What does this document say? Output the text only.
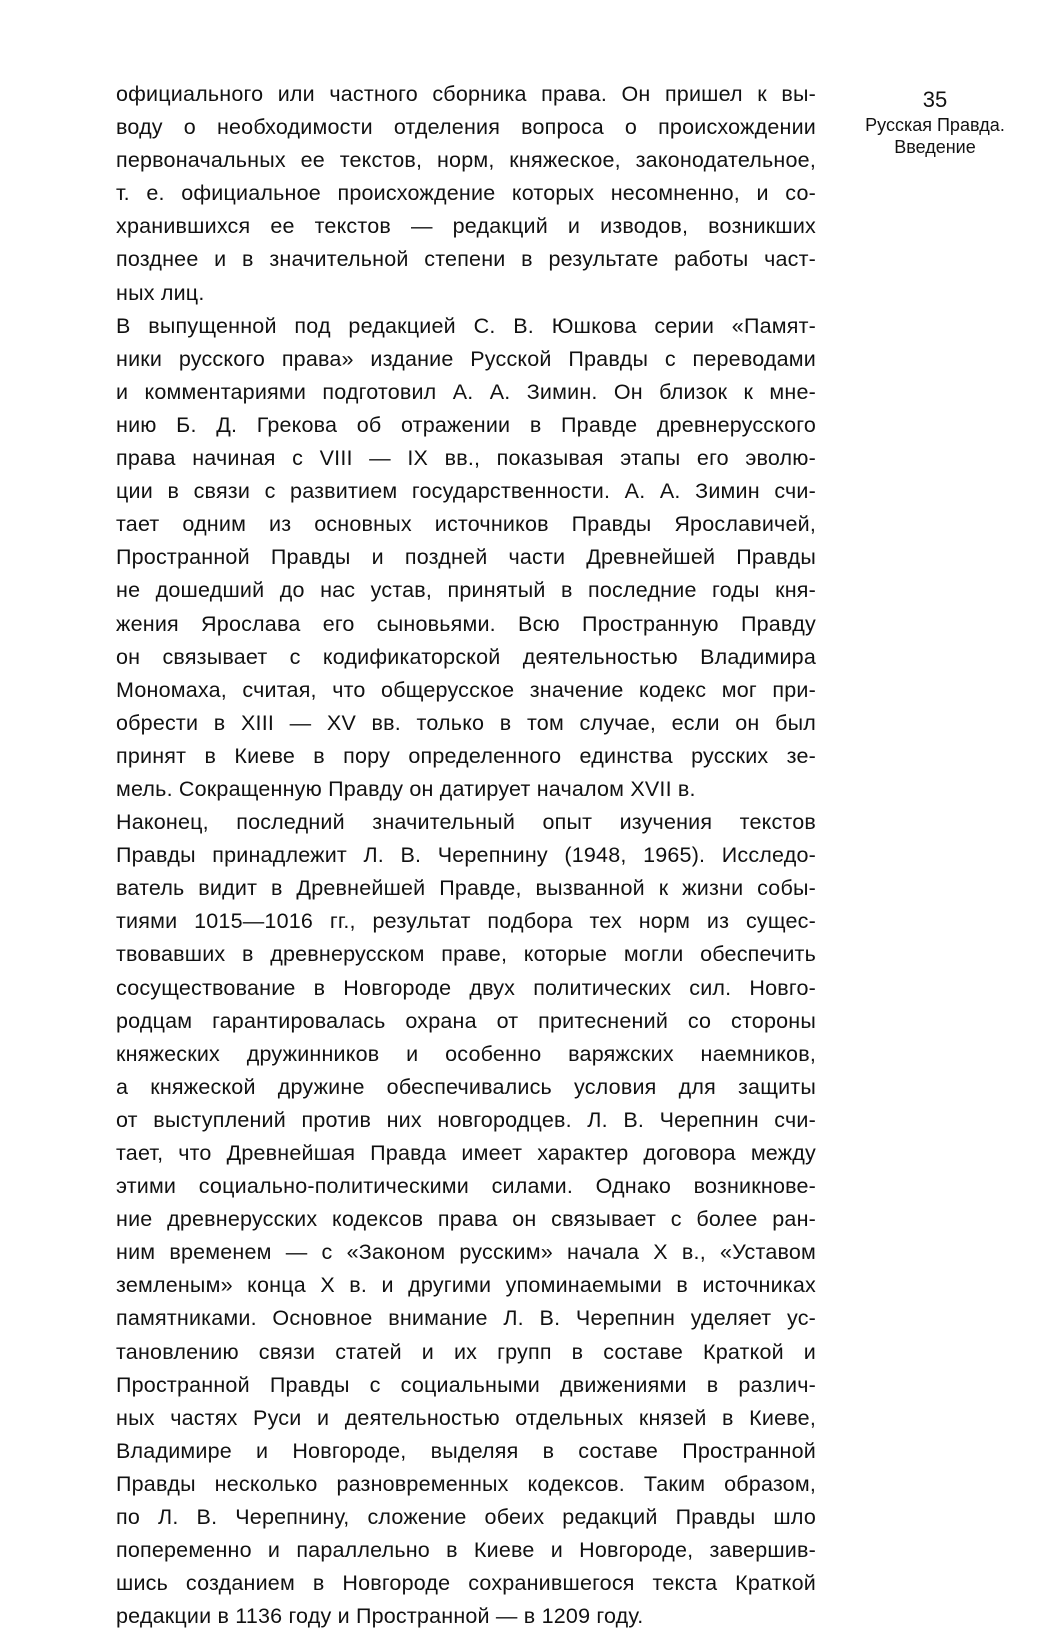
35
Русская Правда.
Введение
официального или частного сборника права. Он пришел к вы-
воду о необходимости отделения вопроса о происхождении
первоначальных ее текстов, норм, княжеское, законодательное,
т. е. официальное происхождение которых несомненно, и со-
хранившихся ее текстов — редакций и изводов, возникших
позднее и в значительной степени в результате работы част-
ных лиц.
В выпущенной под редакцией С. В. Юшкова серии «Памят-
ники русского права» издание Русской Правды с переводами
и комментариями подготовил А. А. Зимин. Он близок к мне-
нию Б. Д. Грекова об отражении в Правде древнерусского
права начиная с VIII — IX вв., показывая этапы его эволю-
ции в связи с развитием государственности. А. А. Зимин счи-
тает одним из основных источников Правды Ярославичей,
Пространной Правды и поздней части Древнейшей Правды
не дошедший до нас устав, принятый в последние годы кня-
жения Ярослава его сыновьями. Всю Пространную Правду
он связывает с кодификаторской деятельностью Владимира
Мономаха, считая, что общерусское значение кодекс мог при-
обрести в XIII — XV вв. только в том случае, если он был
принят в Киеве в пору определенного единства русских зе-
мель. Сокращенную Правду он датирует началом XVII в.
Наконец, последний значительный опыт изучения текстов
Правды принадлежит Л. В. Черепнину (1948, 1965). Исследо-
ватель видит в Древнейшей Правде, вызванной к жизни собы-
тиями 1015—1016 гг., результат подбора тех норм из сущес-
твовавших в древнерусском праве, которые могли обеспечить
сосуществование в Новгороде двух политических сил. Новго-
родцам гарантировалась охрана от притеснений со стороны
княжеских дружинников и особенно варяжских наемников,
а княжеской дружине обеспечивались условия для защиты
от выступлений против них новгородцев. Л. В. Черепнин счи-
тает, что Древнейшая Правда имеет характер договора между
этими социально-политическими силами. Однако возникнове-
ние древнерусских кодексов права он связывает с более ран-
ним временем — с «Законом русским» начала X в., «Уставом
земленым» конца X в. и другими упоминаемыми в источниках
памятниками. Основное внимание Л. В. Черепнин уделяет ус-
тановлению связи статей и их групп в составе Краткой и
Пространной Правды с социальными движениями в различ-
ных частях Руси и деятельностью отдельных князей в Киеве,
Владимире и Новгороде, выделяя в составе Пространной
Правды несколько разновременных кодексов. Таким образом,
по Л. В. Черепнину, сложение обеих редакций Правды шло
попеременно и параллельно в Киеве и Новгороде, завершив-
шись созданием в Новгороде сохранившегося текста Краткой
редакции в 1136 году и Пространной — в 1209 году.
